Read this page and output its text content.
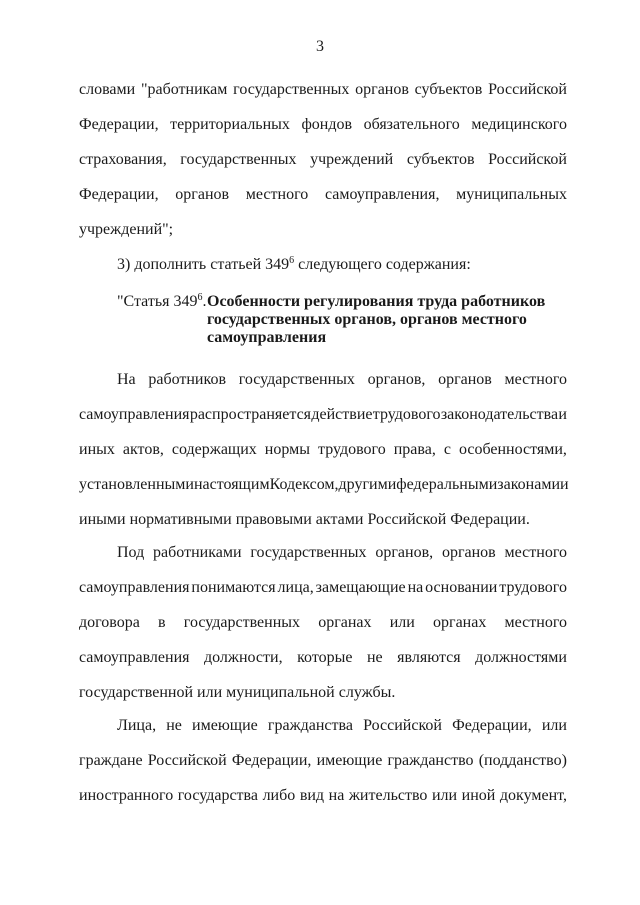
3
словами "работникам государственных органов субъектов Российской
Федерации, территориальных фондов обязательного медицинского
страхования, государственных учреждений субъектов Российской
Федерации, органов местного самоуправления, муниципальных
учреждений";
3) дополнить статьей $349^6$ следующего содержания:
"Статья $349^6$. Особенности регулирования труда работников государственных органов, органов местного самоуправления
На работников государственных органов, органов местного
самоуправления распространяется действие трудового законодательства и
иных актов, содержащих нормы трудового права, с особенностями,
установленными настоящим Кодексом, другими федеральными законами и
иными нормативными правовыми актами Российской Федерации.
Под работниками государственных органов, органов местного
самоуправления понимаются лица, замещающие на основании трудового
договора в государственных органах или органах местного
самоуправления должности, которые не являются должностями
государственной или муниципальной службы.
Лица, не имеющие гражданства Российской Федерации, или
граждане Российской Федерации, имеющие гражданство (подданство)
иностранного государства либо вид на жительство или иной документ,
